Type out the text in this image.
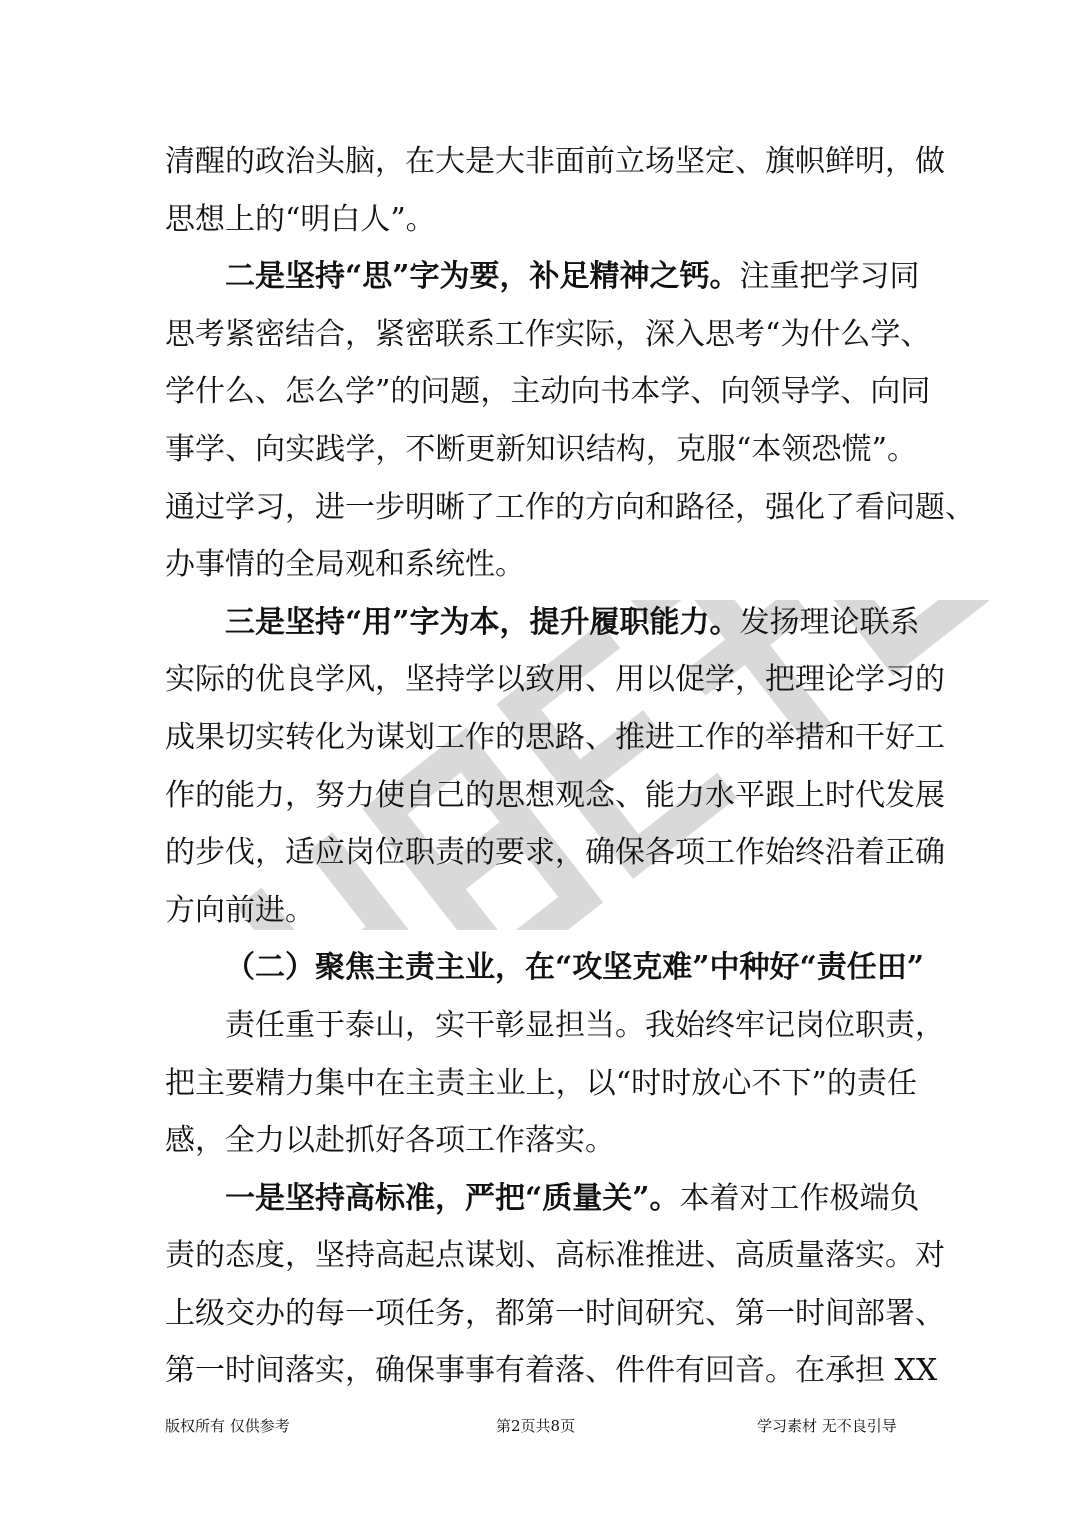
清醒的政治头脑，在大是大非面前立场坚定、旗帜鲜明，做
思想上的“明白人”。
二是坚持“思”字为要，补足精神之钙。注重把学习同
思考紧密结合，紧密联系工作实际，深入思考“为什么学、
学什么、怎么学”的问题，主动向书本学、向领导学、向同
事学、向实践学，不断更新知识结构，克服“本领恐慌”。
通过学习，进一步明晰了工作的方向和路径，强化了看问题、
办事情的全局观和系统性。
三是坚持“用”字为本，提升履职能力。发扬理论联系
实际的优良学风，坚持学以致用、用以促学，把理论学习的
成果切实转化为谋划工作的思路、推进工作的举措和干好工
作的能力，努力使自己的思想观念、能力水平跟上时代发展
的步伐，适应岗位职责的要求，确保各项工作始终沿着正确
方向前进。
（二）聚焦主责主业，在“攻坚克难”中种好“责任田”
责任重于泰山，实干彰显担当。我始终牢记岗位职责，
把主要精力集中在主责主业上，以“时时放心不下”的责任
感，全力以赴抓好各项工作落实。
一是坚持高标准，严把“质量关”。本着对工作极端负
责的态度，坚持高起点谋划、高标准推进、高质量落实。对
上级交办的每一项任务，都第一时间研究、第一时间部署、
第一时间落实，确保事事有着落、件件有回音。在承担 XX
版权所有 仅供参考	第2页共8页	学习素材 无不良引导
